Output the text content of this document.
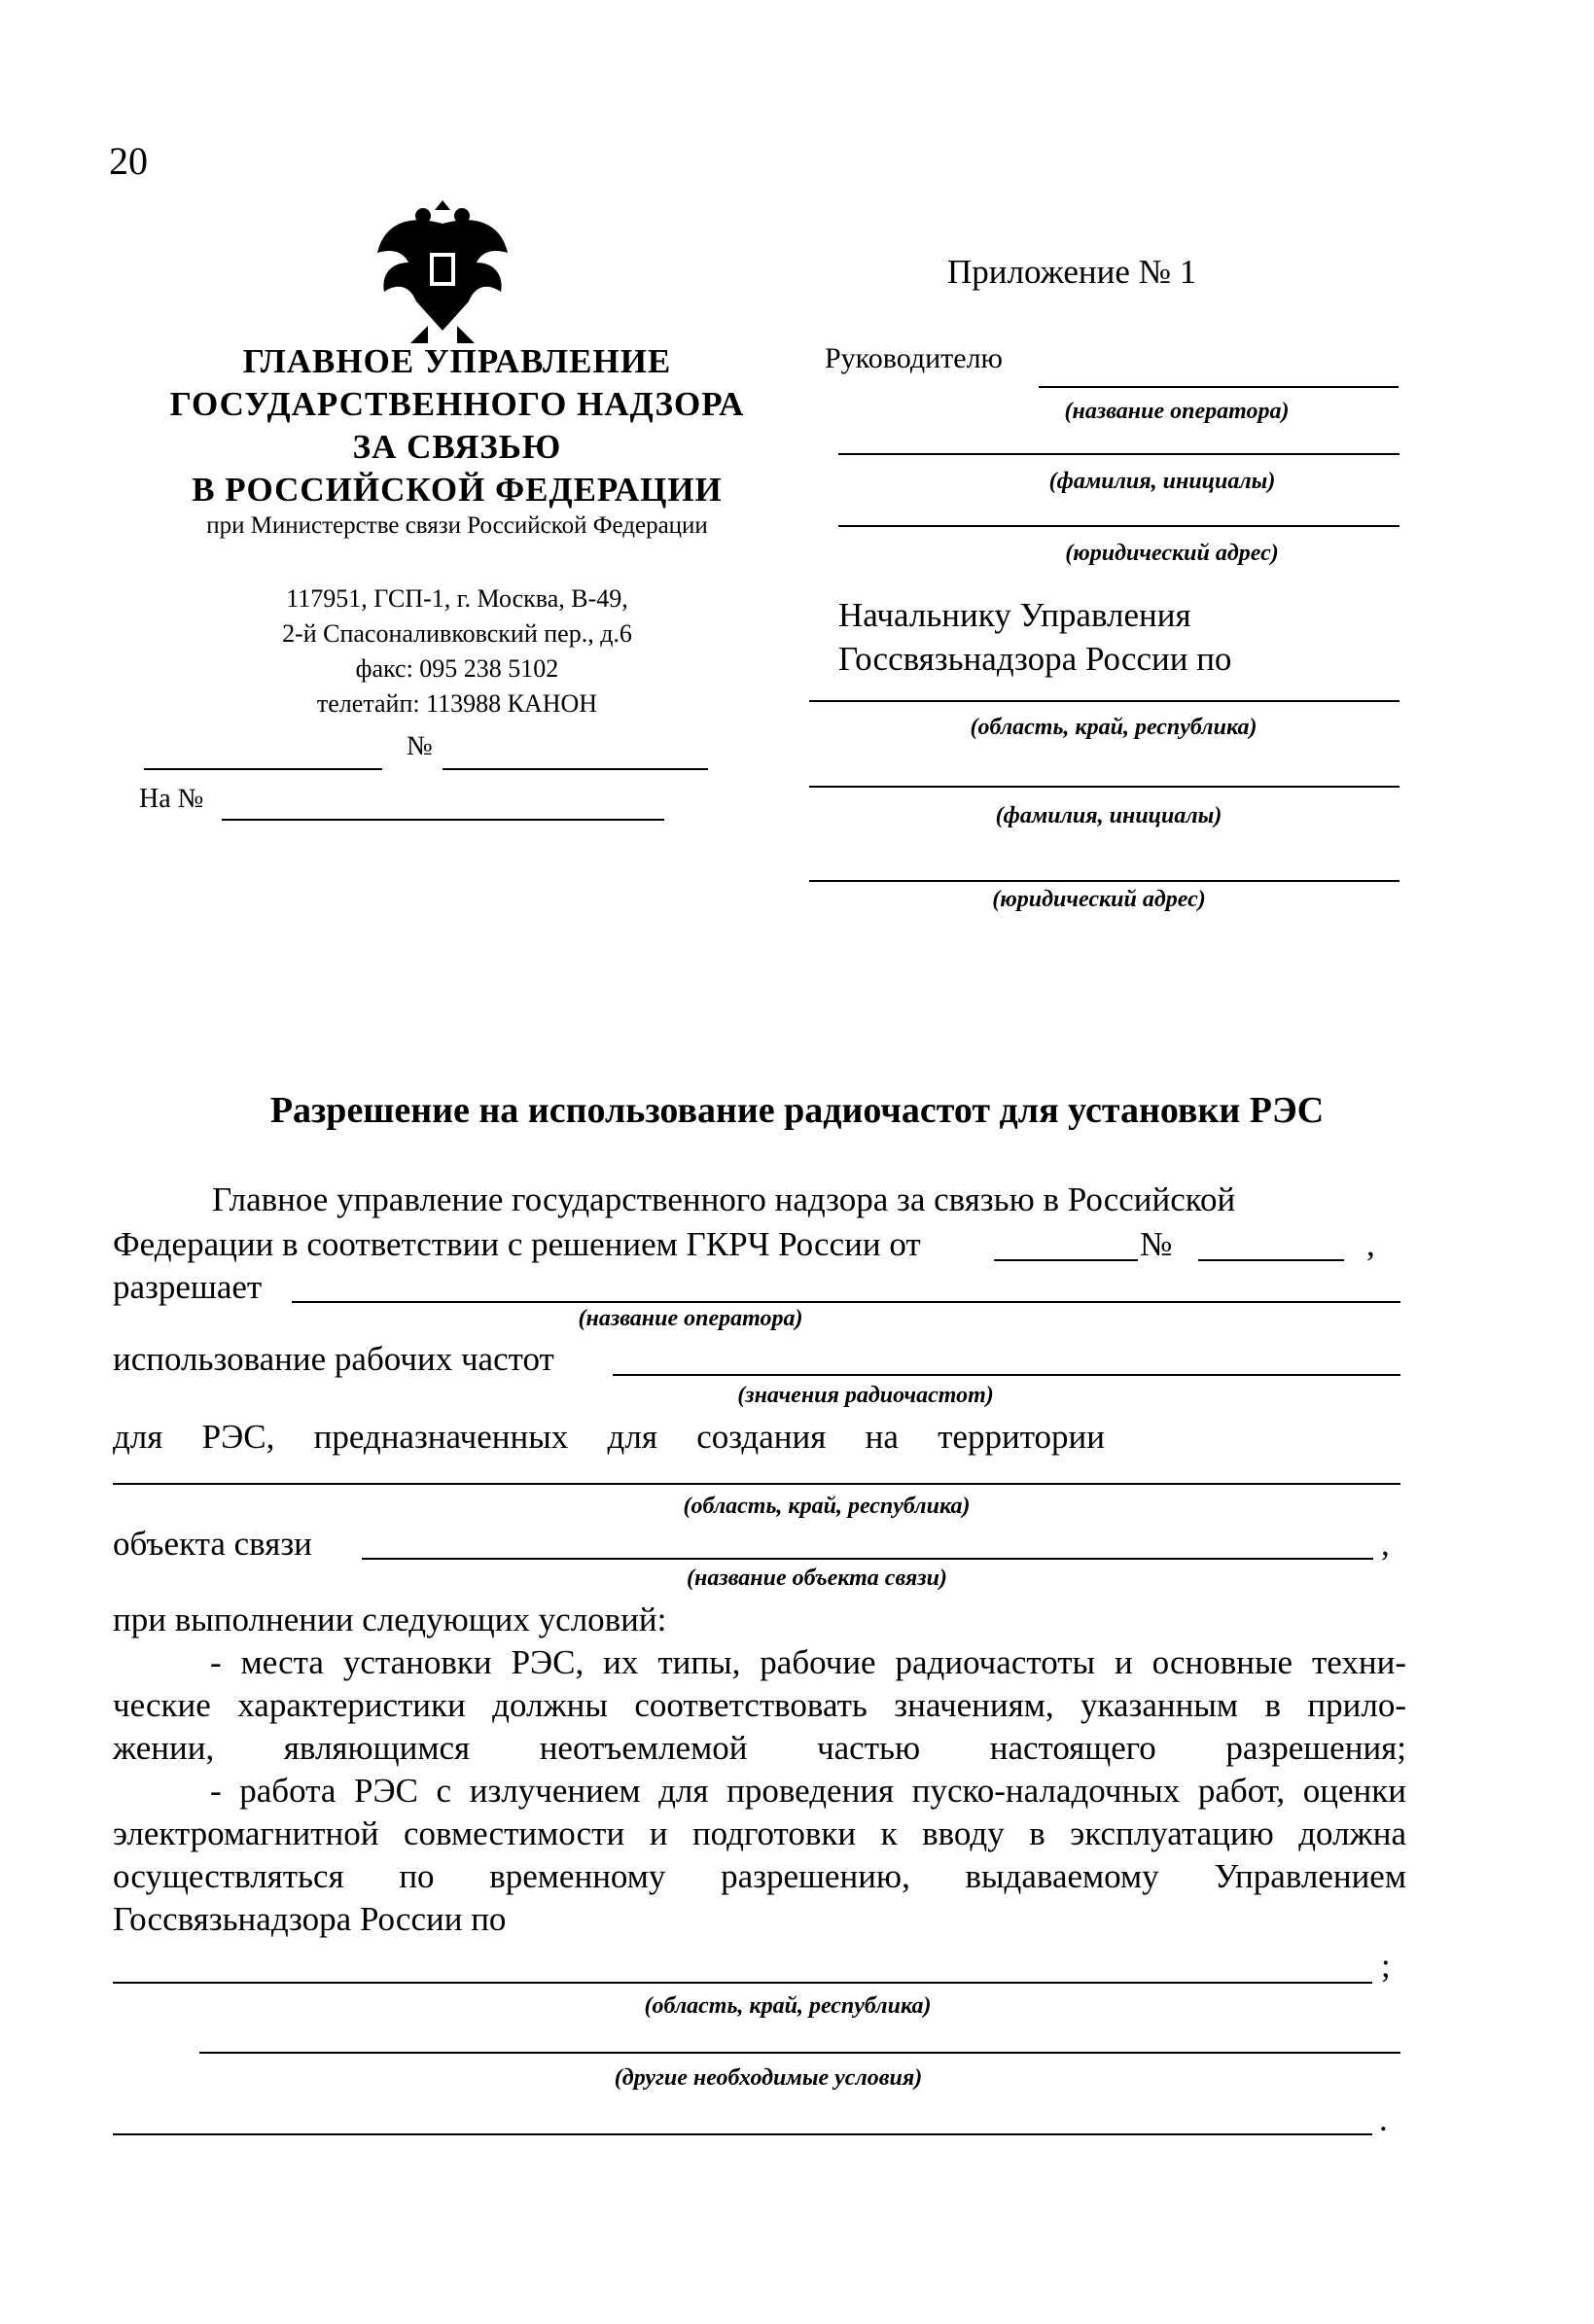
20
ГЛАВНОЕ УПРАВЛЕНИЕ
ГОСУДАРСТВЕННОГО НАДЗОРА
ЗА СВЯЗЬЮ
В РОССИЙСКОЙ ФЕДЕРАЦИИ
при Министерстве связи Российской Федерации
117951, ГСП-1, г. Москва, В-49,
2-й Спасоналивковский пер., д.6
факс: 095 238 5102
телетайп: 113988 КАНОН
№
На №
Приложение № 1
Руководителю
(название оператора)
(фамилия, инициалы)
(юридический адрес)
Начальнику Управления
Госсвязьнадзора России по
(область, край, республика)
(фамилия, инициалы)
(юридический адрес)
Разрешение на использование радиочастот для установки РЭС
Главное управление государственного надзора за связью в Российской
Федерации в соответствии с решением ГКРЧ России от	№	,
разрешает
(название оператора)
использование рабочих частот
(значения радиочастот)
для РЭС, предназначенных для создания на территории
(область, край, республика)
объекта связи	,
(название объекта связи)
при выполнении следующих условий:
- места установки РЭС, их типы, рабочие радиочастоты и основные техни-
ческие характеристики должны соответствовать значениям, указанным в прило-
жении, являющимся неотъемлемой частью настоящего разрешения;
- работа РЭС с излучением для проведения пуско-наладочных работ, оценки
электромагнитной совместимости и подготовки к вводу в эксплуатацию должна
осуществляться по временному разрешению, выдаваемому Управлением
Госсвязьнадзора России по
;
(область, край, республика)
(другие необходимые условия)
.
